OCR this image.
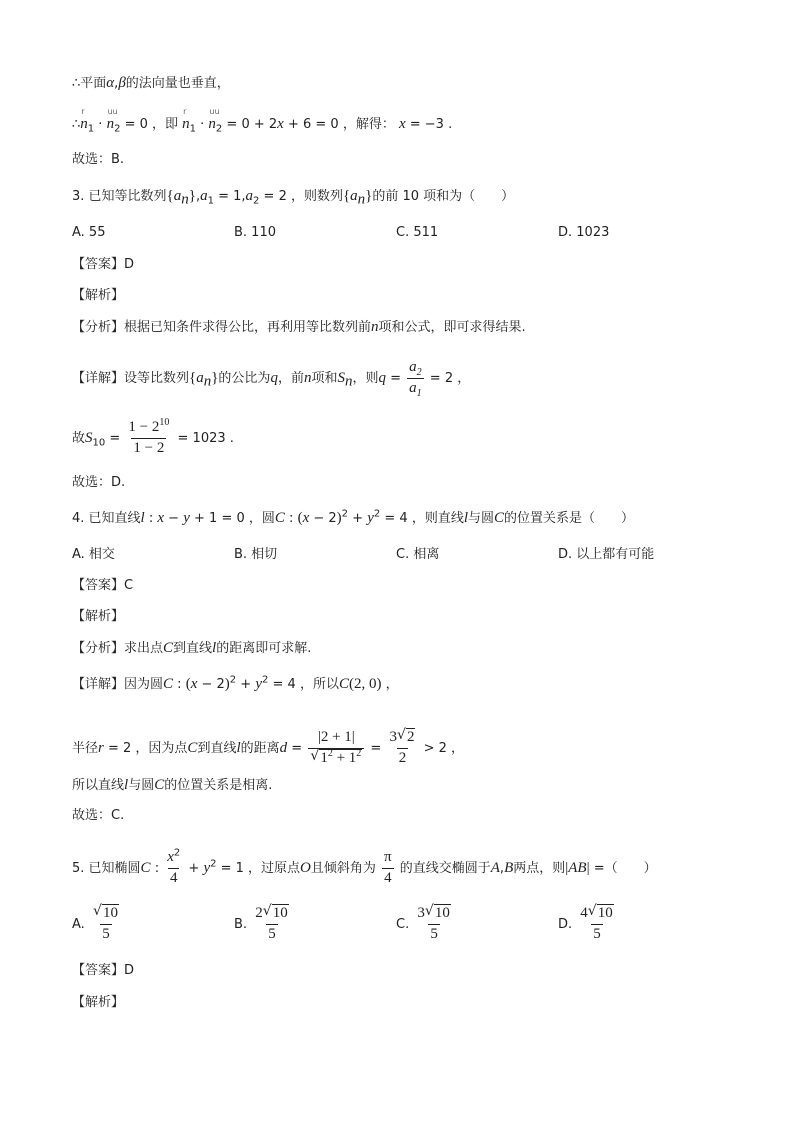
∴平面α,β的法向量也垂直，
∴
r
$n_1$ ·
uu
$n_2 = 0$ ，即
r
$n_1$ ·
uu
$n_2 = 0 + 2x + 6 = 0$ ，解得： x = −3 .
故选：B.
3. 已知等比数列$\{a_n\},a_1 = 1,a_2 = 2$ ，则数列$\{a_n\}$的前 10 项和为（　　）
A. 55	B. 110	C. 511	D. 1023
【答案】D
【解析】
【分析】根据已知条件求得公比，再利用等比数列前n项和公式，即可求得结果.
【详解】设等比数列$\{a_n\}$的公比为q，前n项和$S_n$，则$q = \frac{a_2}{a_1} = 2$ ，
故$S_{10} = \frac{1 - 2^{10}}{1 - 2} = 1023$ .
故选：D.
4. 已知直线l : x − y + 1 = 0 ，圆C : $(x - 2)^2 + y^2 = 4$ ，则直线l与圆C的位置关系是（　　）
A. 相交	B. 相切	C. 相离	D. 以上都有可能
【答案】C
【解析】
【分析】求出点C到直线l的距离即可求解.
【详解】因为圆C : $(x - 2)^2 + y^2 = 4$ ，所以C(2, 0) ，
半径r = 2 ，因为点C到直线l的距离d = |2 + 1|
√ $1^2 + 1^2 = \frac{3 √ 2}{2} > 2$ ，
所以直线l与圆C的位置关系是相离.
故选：C.
5. 已知椭圆C : $\frac{x^2}{4} + y^2 = 1$ ，过原点O且倾斜角为 $\frac{\pi}{4}$ 的直线交椭圆于A,B两点，则|AB| =（　　）
A. √ $\frac{10}{5}$	B. $\frac{2 √ 10}{5}$	C. $\frac{3 √ 10}{5}$	D. $\frac{4 √ 10}{5}$
【答案】D
【解析】
